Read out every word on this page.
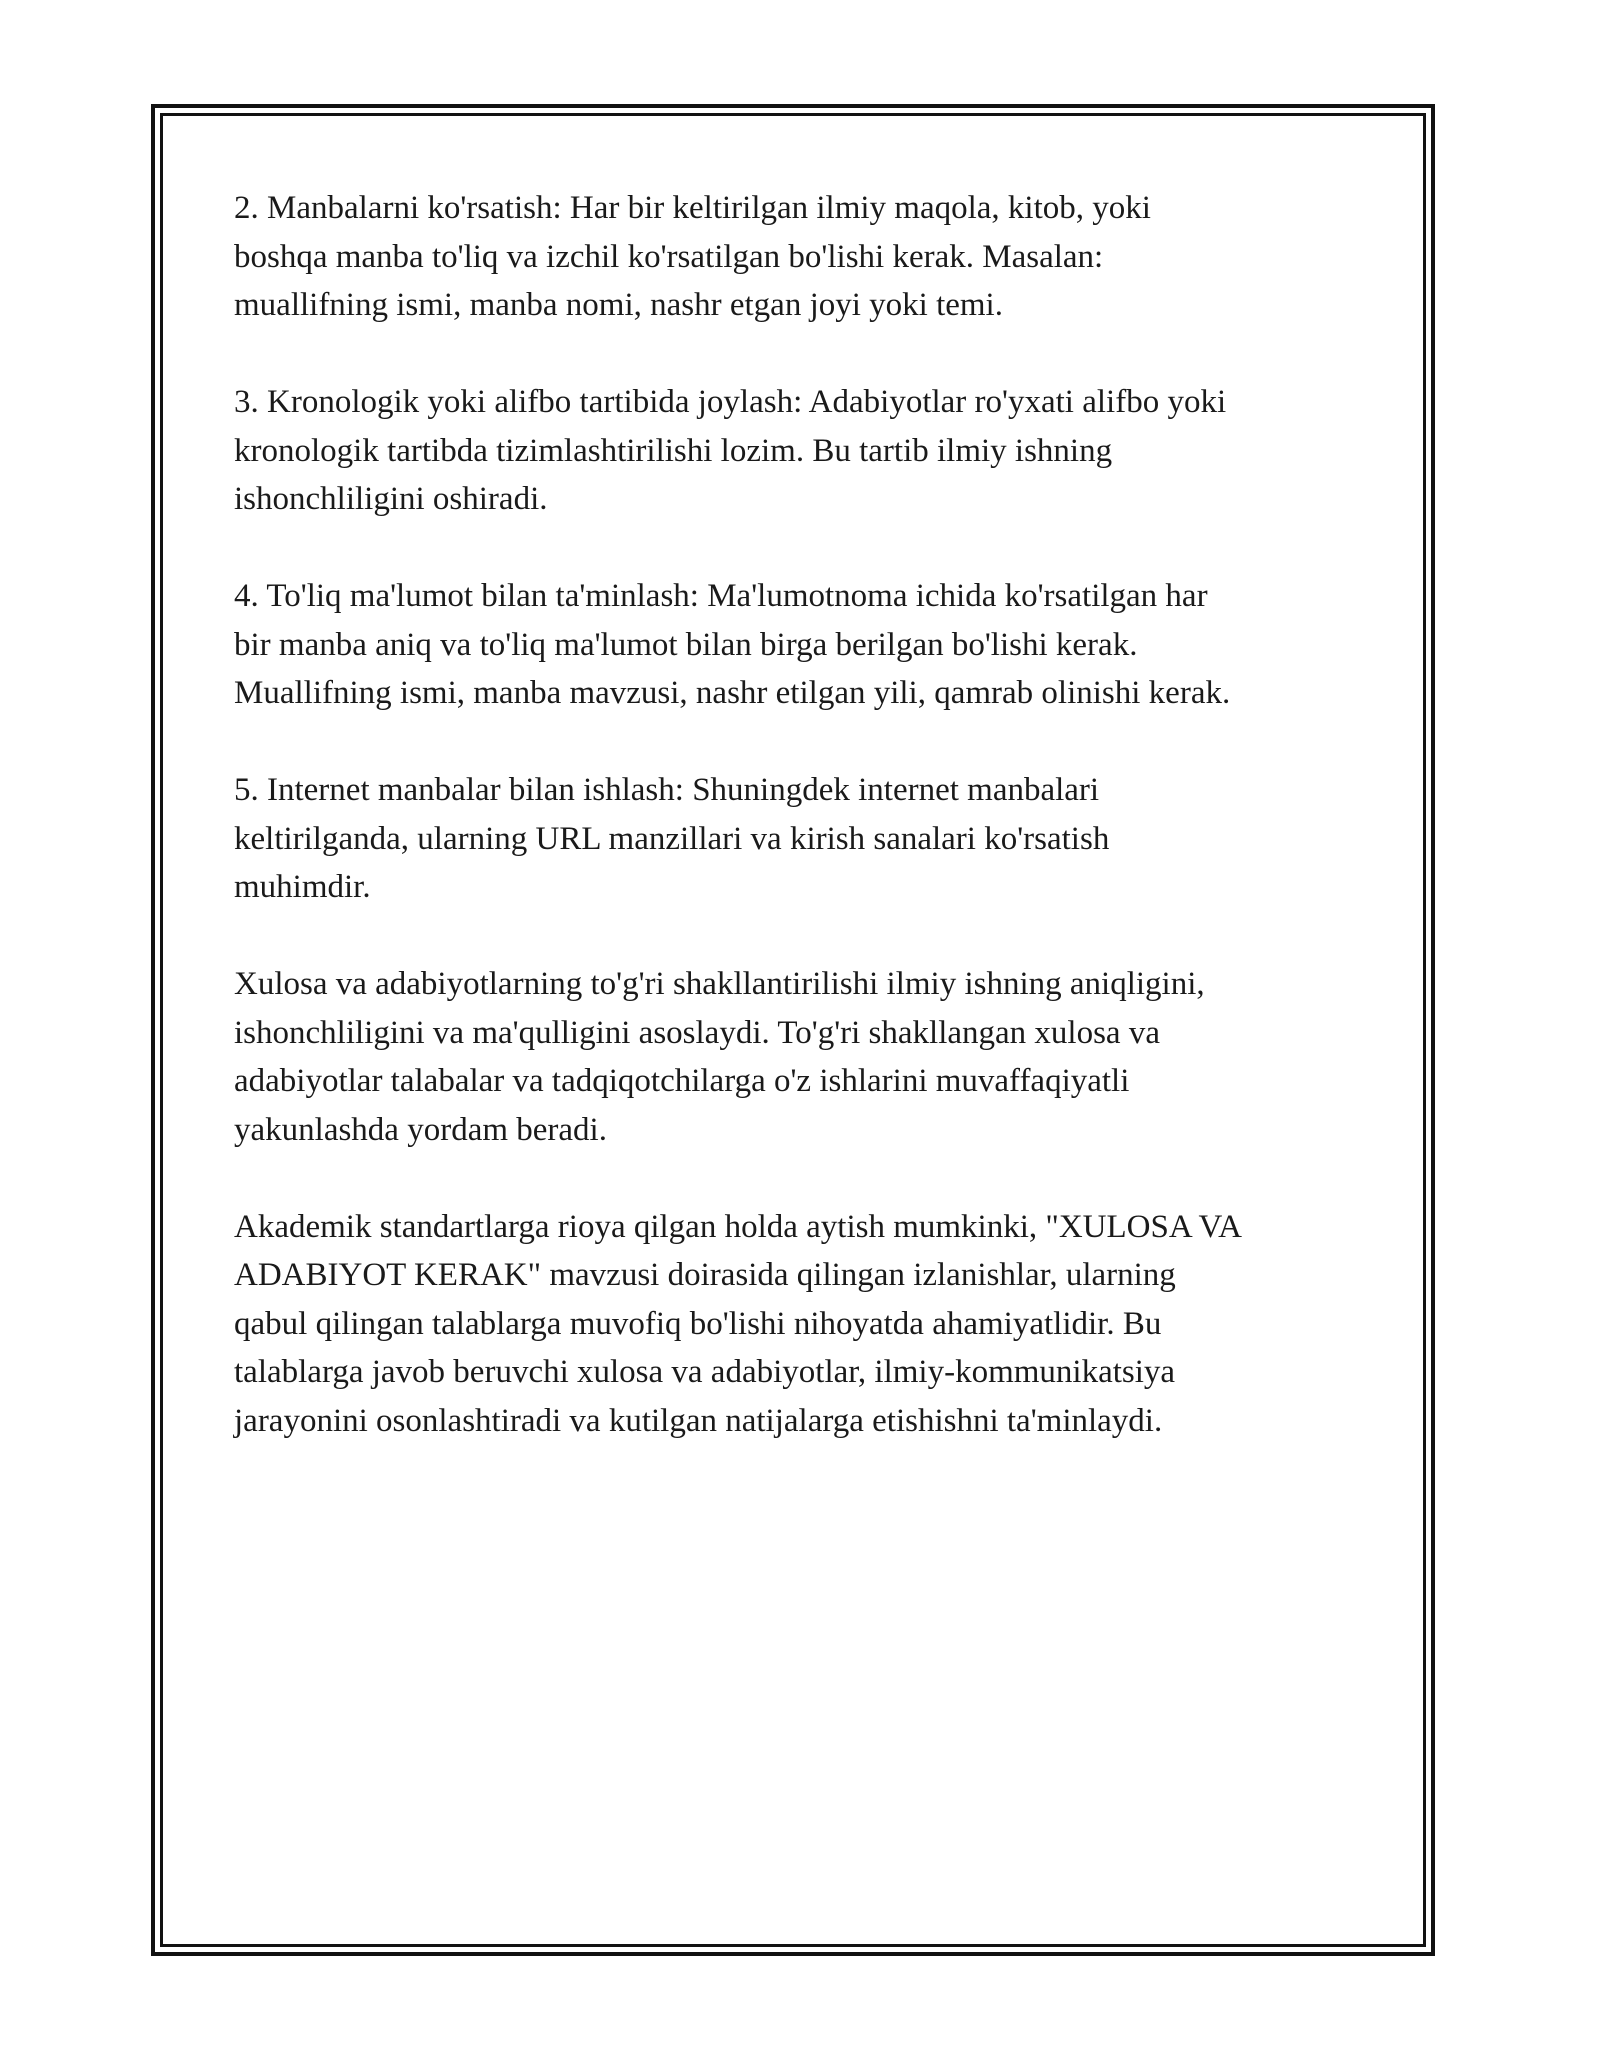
2. Manbalarni ko'rsatish: Har bir keltirilgan ilmiy maqola, kitob, yoki
boshqa manba to'liq va izchil ko'rsatilgan bo'lishi kerak. Masalan:
muallifning ismi, manba nomi, nashr etgan joyi yoki temi.

3. Kronologik yoki alifbo tartibida joylash: Adabiyotlar ro'yxati alifbo yoki
kronologik tartibda tizimlashtirilishi lozim. Bu tartib ilmiy ishning
ishonchliligini oshiradi.

4. To'liq ma'lumot bilan ta'minlash: Ma'lumotnoma ichida ko'rsatilgan har
bir manba aniq va to'liq ma'lumot bilan birga berilgan bo'lishi kerak.
Muallifning ismi, manba mavzusi, nashr etilgan yili, qamrab olinishi kerak.

5. Internet manbalar bilan ishlash: Shuningdek internet manbalari
keltirilganda, ularning URL manzillari va kirish sanalari ko'rsatish
muhimdir.

Xulosa va adabiyotlarning to'g'ri shakllantirilishi ilmiy ishning aniqligini,
ishonchliligini va ma'qulligini asoslaydi. To'g'ri shakllangan xulosa va
adabiyotlar talabalar va tadqiqotchilarga o'z ishlarini muvaffaqiyatli
yakunlashda yordam beradi.

Akademik standartlarga rioya qilgan holda aytish mumkinki, "XULOSA VA
ADABIYOT KERAK" mavzusi doirasida qilingan izlanishlar, ularning
qabul qilingan talablarga muvofiq bo'lishi nihoyatda ahamiyatlidir. Bu
talablarga javob beruvchi xulosa va adabiyotlar, ilmiy-kommunikatsiya
jarayonini osonlashtiradi va kutilgan natijalarga etishishni ta'minlaydi.
